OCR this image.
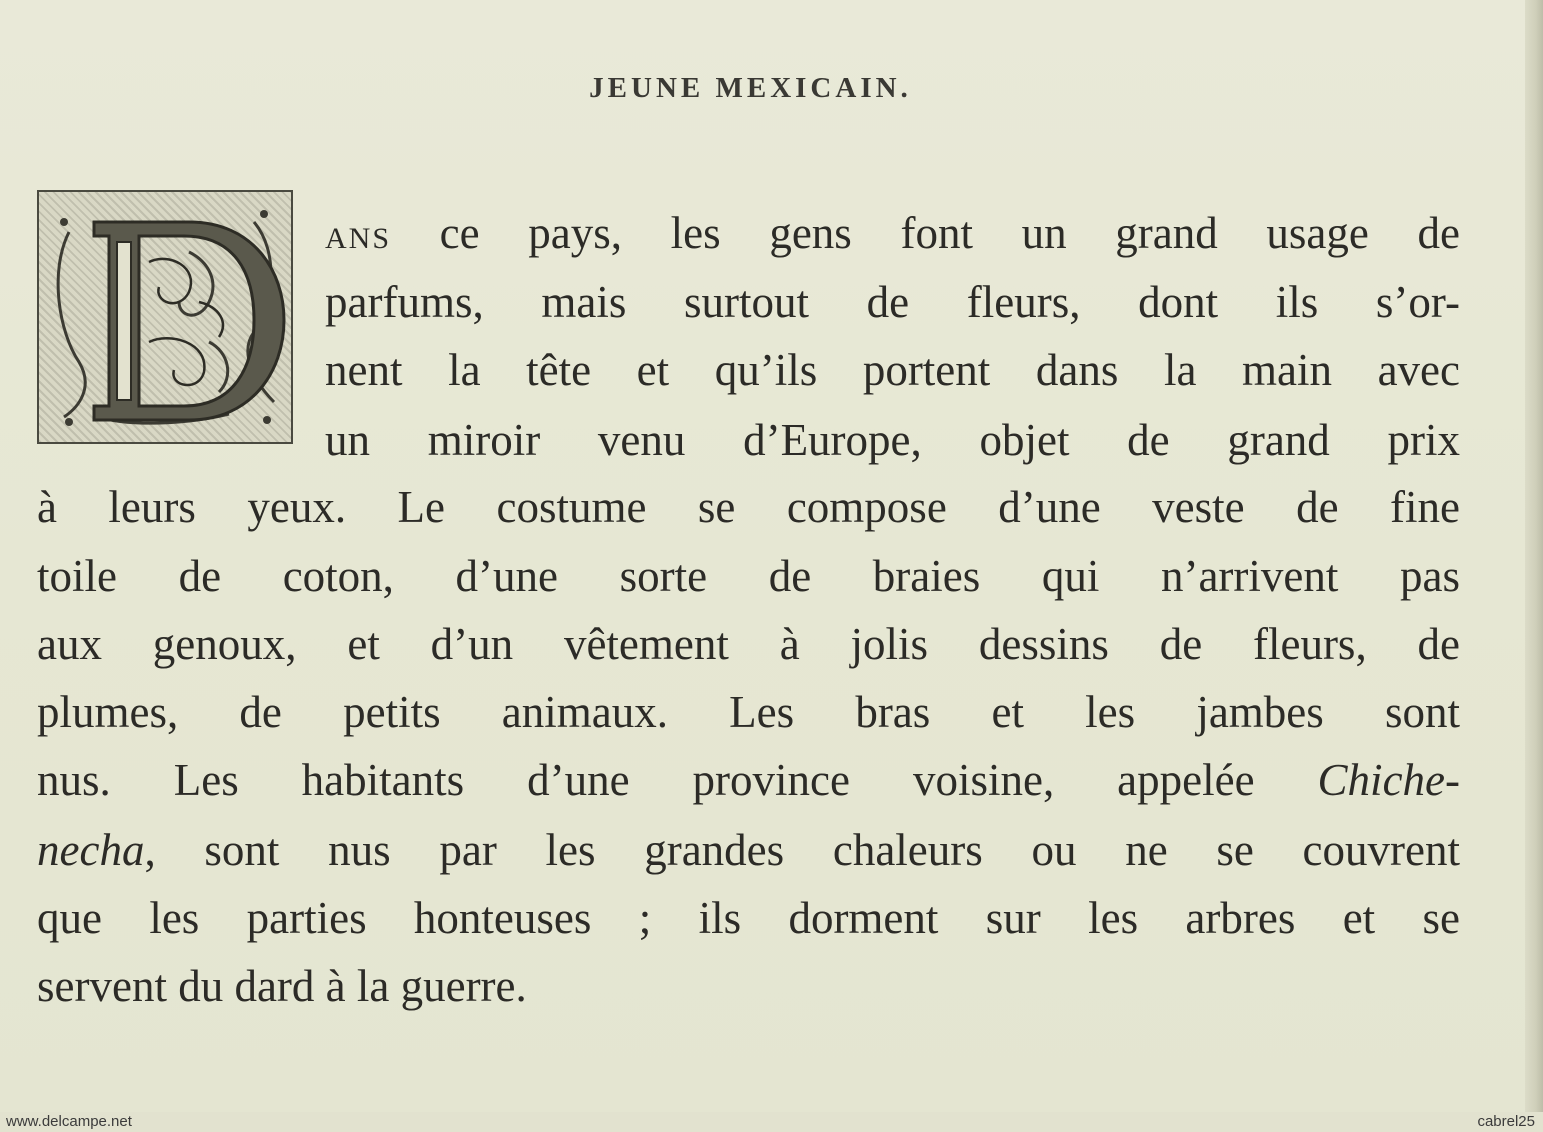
JEUNE MEXICAIN.
ANS ce pays, les gens font un grand usage de
parfums, mais surtout de fleurs, dont ils s’or-
nent la tête et qu’ils portent dans la main avec
un miroir venu d’Europe, objet de grand prix
à leurs yeux. Le costume se compose d’une veste de fine
toile de coton, d’une sorte de braies qui n’arrivent pas
aux genoux, et d’un vêtement à jolis dessins de fleurs, de
plumes, de petits animaux. Les bras et les jambes sont
nus. Les habitants d’une province voisine, appelée Chiche-
necha, sont nus par les grandes chaleurs ou ne se couvrent
que les parties honteuses ; ils dorment sur les arbres et se
servent du dard à la guerre.
www.delcampe.net	cabrel25
